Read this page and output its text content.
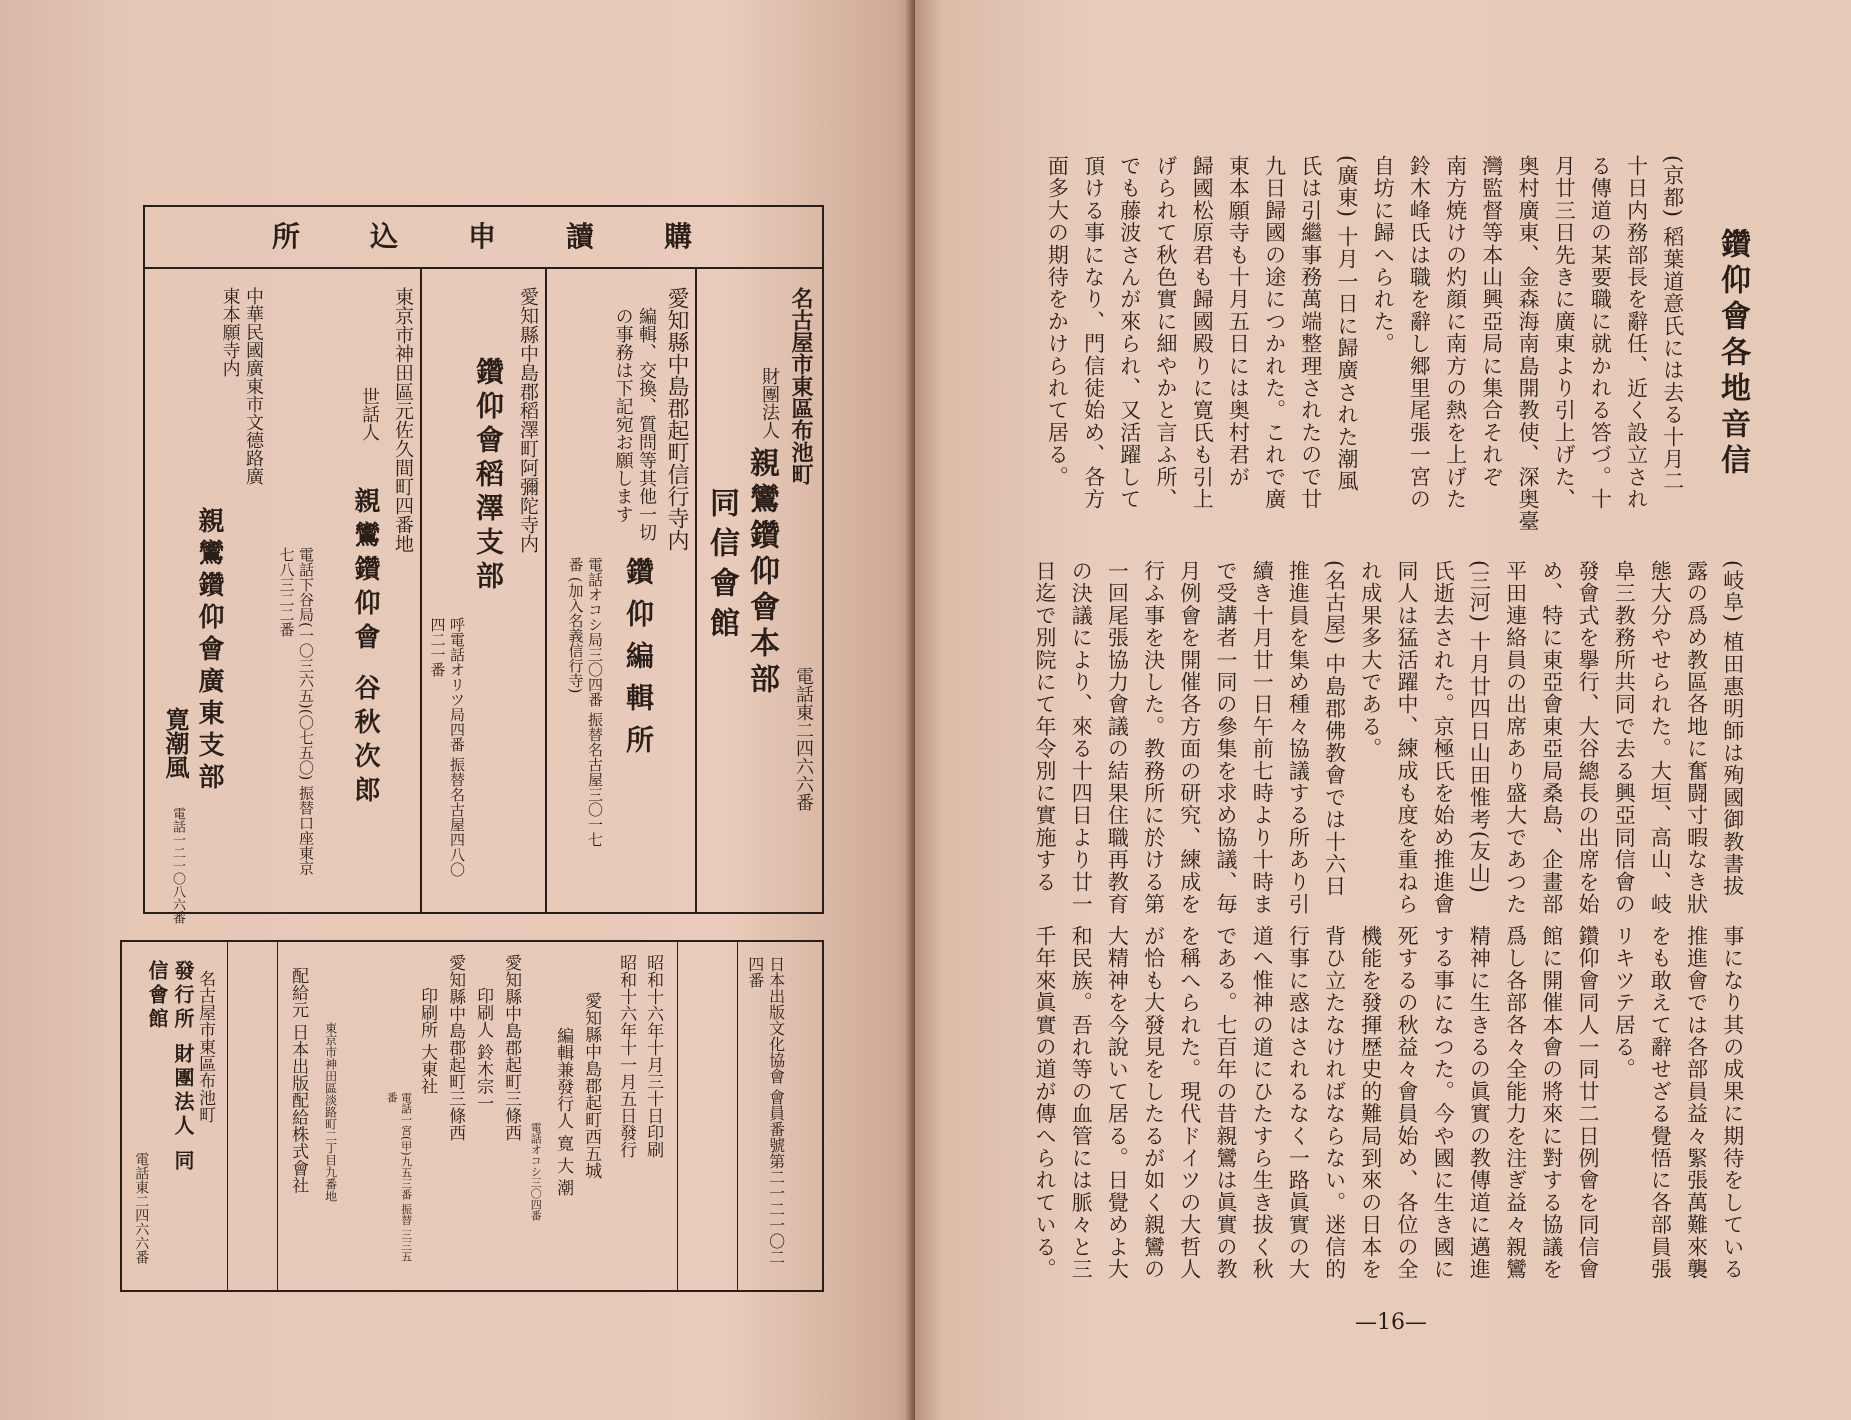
購讀申込所
名古屋市東區布池町
財團法人
親鸞鑽仰會本部
同信會館
電話東二四六六番
愛知縣中島郡起町信行寺内
編輯、交換、質問等其他一切の事務は下記宛お願します
鑽仰編輯所
電話オコシ局三〇四番 振替名古屋三〇一七番 (加入名義信行寺)
愛知縣中島郡稻澤町阿彌陀寺内
鑽仰會稻澤支部
呼電話オリツ局四番 振替名古屋四八〇四二一番
東京市神田區元佐久間町四番地
世話人
親鸞鑽仰會 谷秋次郎
電話下谷局(一〇三六五)(〇七五〇) 振替口座東京七八三二二番
中華民國廣東市文德路廣東本願寺内
親鸞鑽仰會廣東支部
寛潮風
電話一二一〇八六番
日本出版文化協會 會員番號第二一二一〇二四番
昭和十六年十月三十日印刷
昭和十六年十一月五日發行
愛知縣中島郡起町西五城
編輯兼發行人 寛 大 潮
電話オコシ三〇四番
愛知縣中島郡起町三條西
印刷人 鈴木宗一
愛知縣中島郡起町三條西
印刷所 大東社
電話一宮(甲)九五三番 振替 三三五番
東京市神田區淡路町二丁目九番地
配給元 日本出版配給株式會社
名古屋市東區布池町
發行所 財團法人 同信會館
電話東二四六六番
鑽仰會各地音信
(京都) 稻葉道意氏には去る十月二
十日内務部長を辭任、近く設立され
る傳道の某要職に就かれる答づ。十
月廿三日先きに廣東より引上げた、
奥村廣東、金森海南島開教使、深奥臺
灣監督等本山興亞局に集合それぞ
南方焼けの灼顔に南方の熱を上げた
鈴木峰氏は職を辭し郷里尾張一宮の
自坊に歸へられた。
(廣東) 十月一日に歸廣された潮風
氏は引繼事務萬端整理されたので廿
九日歸國の途につかれた。これで廣
東本願寺も十月五日には奥村君が
歸國松原君も歸國殿りに寛氏も引上
げられて秋色實に細やかと言ふ所、
でも藤波さんが來られ、又活躍して
頂ける事になり、門信徒始め、各方
面多大の期待をかけられて居る。
(岐阜) 植田惠明師は殉國御教書拔
露の爲め教區各地に奮闘寸暇なき狀
態大分やせられた。大垣、高山、岐
阜三教務所共同で去る興亞同信會の
發會式を擧行、大谷總長の出席を始
め、特に東亞會東亞局桑島、企畫部
平田連絡員の出席あり盛大であつた
(三河) 十月廿四日山田惟考(友山)
氏逝去された。京極氏を始め推進會
同人は猛活躍中、練成も度を重ねら
れ成果多大である。
(名古屋) 中島郡佛教會では十六日
推進員を集め種々協議する所あり引
續き十月廿一日午前七時より十時ま
で受講者一同の參集を求め協議、毎
月例會を開催各方面の研究、練成を
行ふ事を決した。教務所に於ける第
一回尾張協力會議の結果住職再教育
の決議により、來る十四日より廿一
日迄で別院にて年令別に實施する
事になり其の成果に期待をしている
推進會では各部員益々緊張萬難來襲
をも敢えて辭せざる覺悟に各部員張
リキツテ居る。
鑽仰會同人一同廿二日例會を同信會
館に開催本會の將來に對する協議を
爲し各部各々全能力を注ぎ益々親鸞
精神に生きるの眞實の教傳道に邁進
する事になつた。今や國に生き國に
死するの秋益々會員始め、各位の全
機能を發揮歴史的難局到來の日本を
背ひ立たなければならない。迷信的
行事に惑はされるなく一路眞實の大
道へ惟神の道にひたすら生き拔く秋
である。七百年の昔親鸞は眞實の教
を稱へられた。現代ドイツの大哲人
が恰も大發見をしたるが如く親鸞の
大精神を今說いて居る。日覺めよ大
和民族。吾れ等の血管には脈々と三
千年來眞實の道が傳へられている。
—16—
